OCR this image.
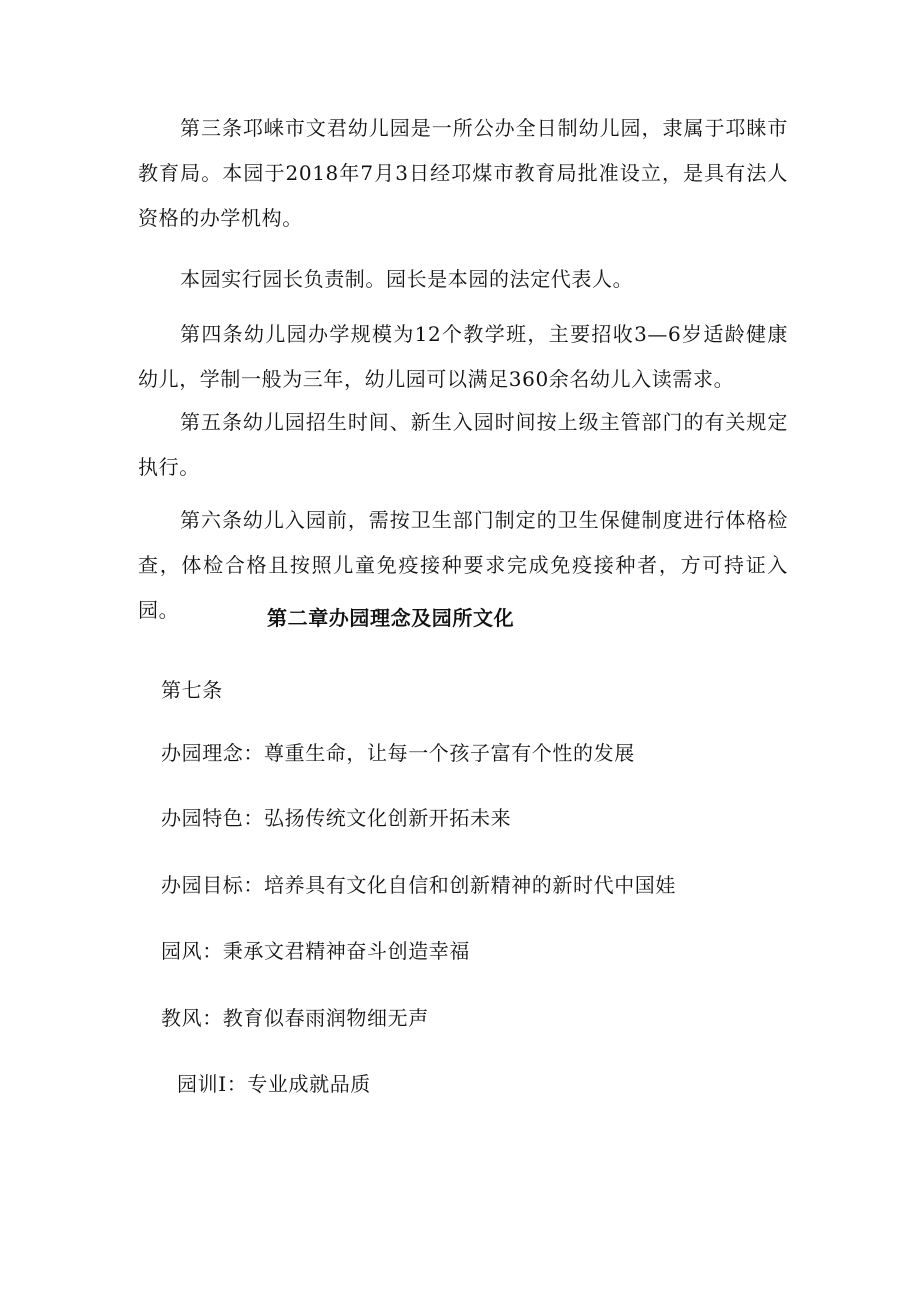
第三条邛崃市文君幼儿园是一所公办全日制幼儿园，隶属于邛睐市教育局。本园于2018年7月3日经邛煤市教育局批准设立，是具有法人资格的办学机构。

本园实行园长负责制。园长是本园的法定代表人。

第四条幼儿园办学规模为12个教学班，主要招收3—6岁适龄健康幼儿，学制一般为三年，幼儿园可以满足360余名幼儿入读需求。

第五条幼儿园招生时间、新生入园时间按上级主管部门的有关规定执行。

第六条幼儿入园前，需按卫生部门制定的卫生保健制度进行体格检查，体检合格且按照儿童免疫接种要求完成免疫接种者，方可持证入园。	第二章办园理念及园所文化

第七条

办园理念：尊重生命，让每一个孩子富有个性的发展

办园特色：弘扬传统文化创新开拓未来

办园目标：培养具有文化自信和创新精神的新时代中国娃

园风：秉承文君精神奋斗创造幸福

教风：教育似春雨润物细无声

园训I：专业成就品质
